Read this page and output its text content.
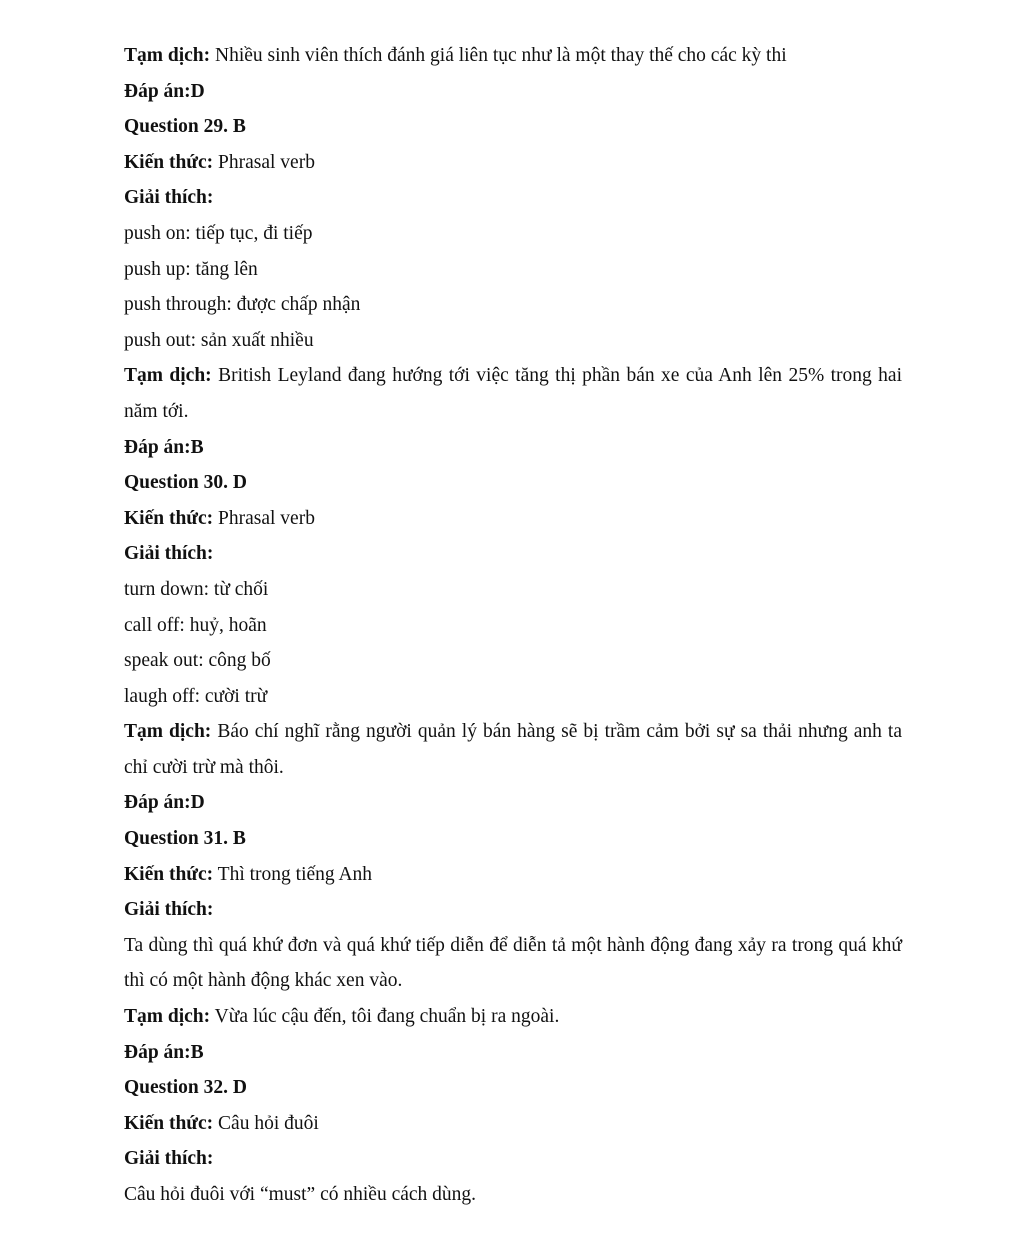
Tạm dịch: Nhiều sinh viên thích đánh giá liên tục như là một thay thế cho các kỳ thi
Đáp án:D
Question 29. B
Kiến thức: Phrasal verb
Giải thích:
push on: tiếp tục, đi tiếp
push up: tăng lên
push through: được chấp nhận
push out: sản xuất nhiều
Tạm dịch: British Leyland đang hướng tới việc tăng thị phần bán xe của Anh lên 25% trong hai năm tới.
Đáp án:B
Question 30. D
Kiến thức: Phrasal verb
Giải thích:
turn down: từ chối
call off: huỷ, hoãn
speak out: công bố
laugh off: cười trừ
Tạm dịch: Báo chí nghĩ rằng người quản lý bán hàng sẽ bị trầm cảm bởi sự sa thải nhưng anh ta chỉ cười trừ mà thôi.
Đáp án:D
Question 31. B
Kiến thức: Thì trong tiếng Anh
Giải thích:
Ta dùng thì quá khứ đơn và quá khứ tiếp diễn để diễn tả một hành động đang xảy ra trong quá khứ thì có một hành động khác xen vào.
Tạm dịch: Vừa lúc cậu đến, tôi đang chuẩn bị ra ngoài.
Đáp án:B
Question 32. D
Kiến thức: Câu hỏi đuôi
Giải thích:
Câu hỏi đuôi với “must” có nhiều cách dùng.
